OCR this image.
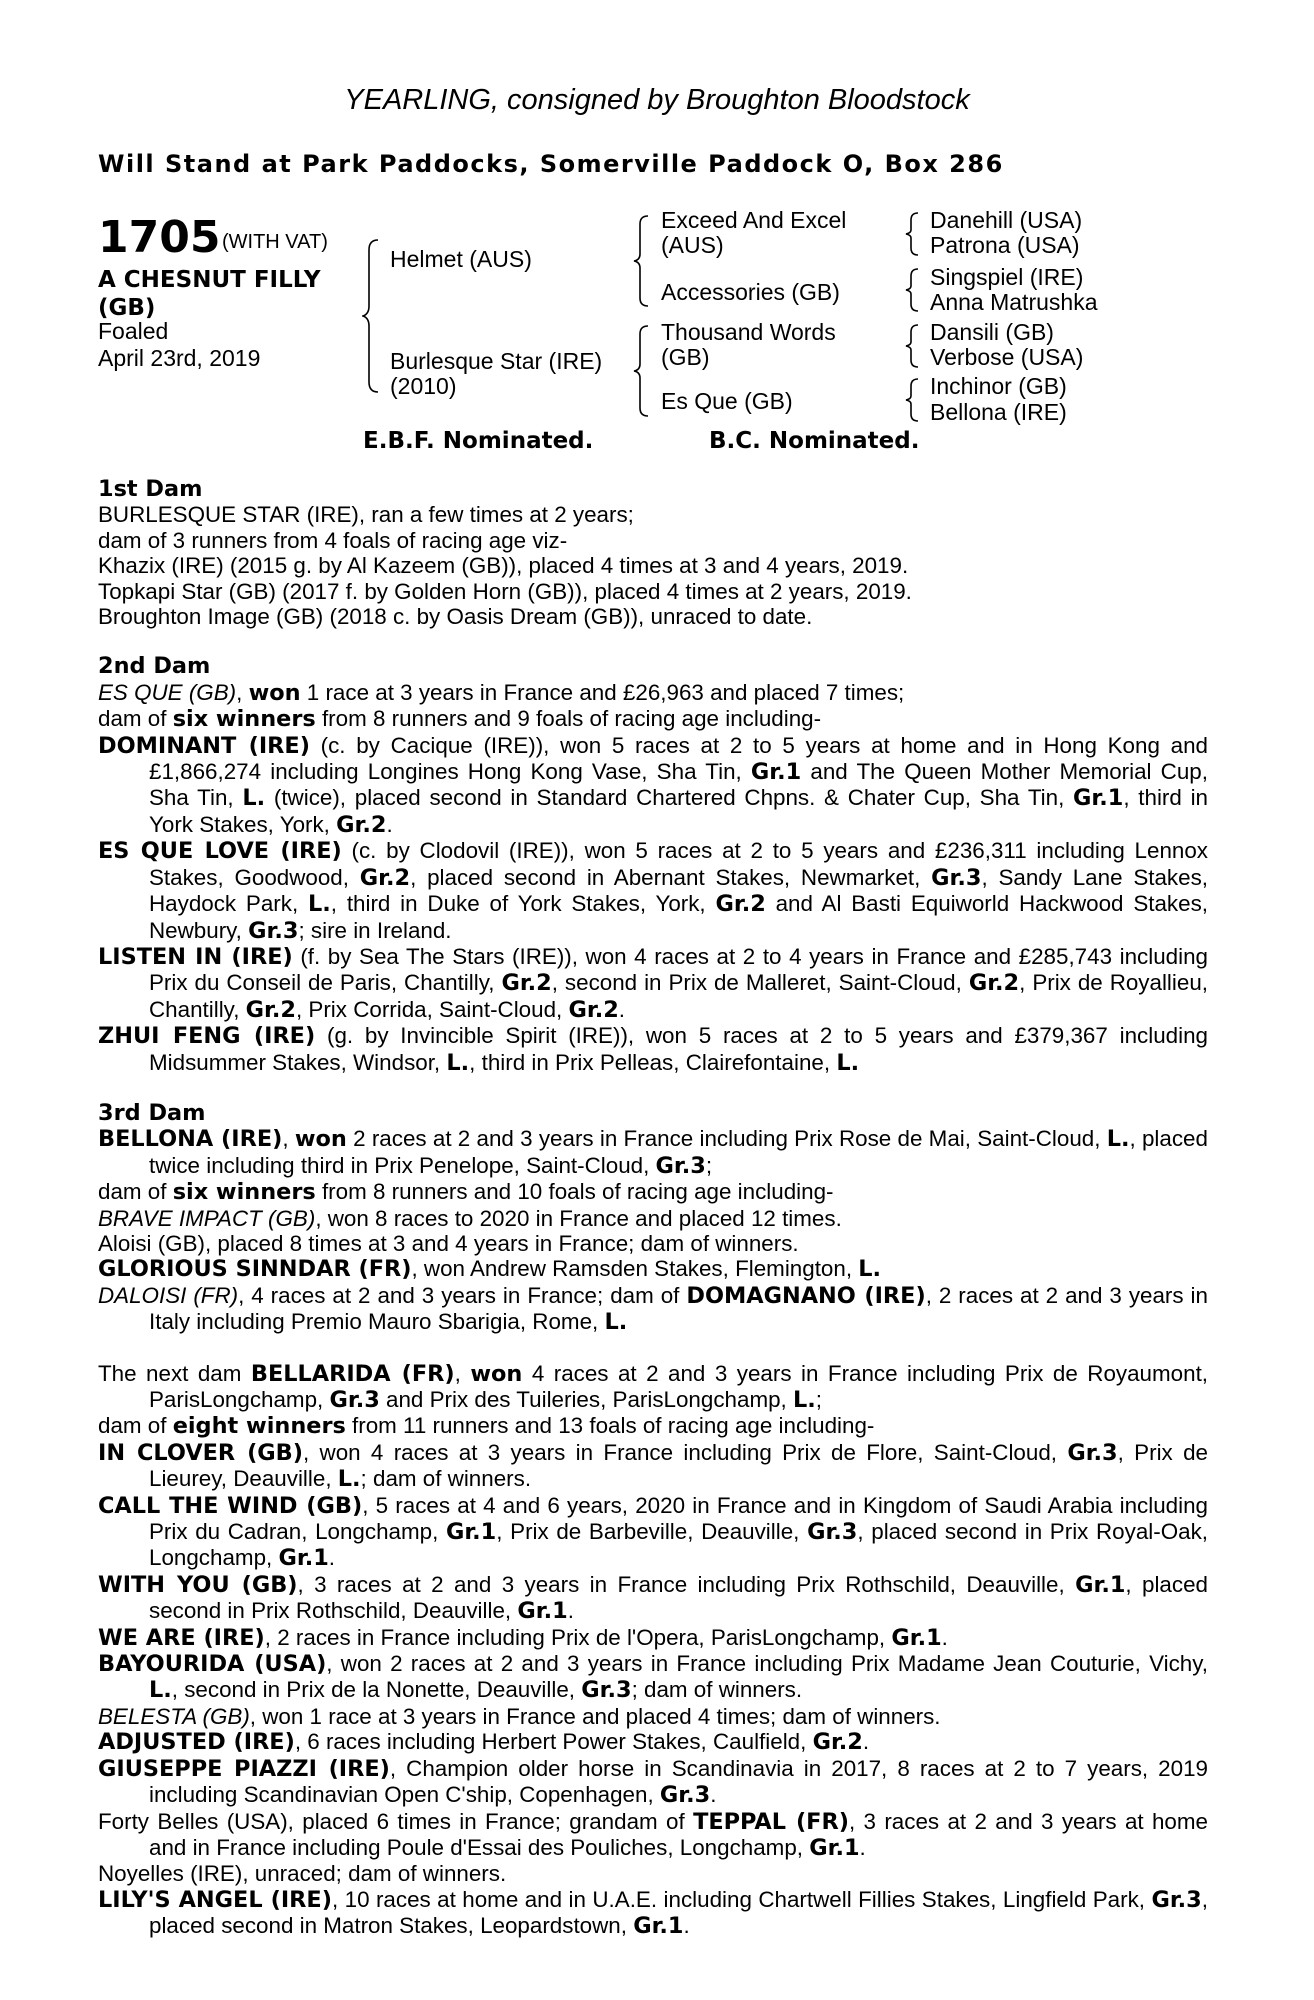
YEARLING, consigned by Broughton Bloodstock
Will Stand at Park Paddocks, Somerville Paddock O, Box 286
1705 (WITH VAT)
A CHESNUT FILLY
(GB)
Foaled
April 23rd, 2019
Helmet (AUS)
Burlesque Star (IRE)
(2010)
Exceed And Excel
(AUS)
Accessories (GB)
Thousand Words
(GB)
Es Que (GB)
Danehill (USA)
Patrona (USA)
Singspiel (IRE)
Anna Matrushka
Dansili (GB)
Verbose (USA)
Inchinor (GB)
Bellona (IRE)
E.B.F. Nominated.	B.C. Nominated.

1st Dam

BURLESQUE STAR (IRE), ran a few times at 2 years;

dam of 3 runners from 4 foals of racing age viz-

Khazix (IRE) (2015 g. by Al Kazeem (GB)), placed 4 times at 3 and 4 years, 2019.

Topkapi Star (GB) (2017 f. by Golden Horn (GB)), placed 4 times at 2 years, 2019.

Broughton Image (GB) (2018 c. by Oasis Dream (GB)), unraced to date.

2nd Dam

ES QUE (GB), won 1 race at 3 years in France and £26,963 and placed 7 times;

dam of six winners from 8 runners and 9 foals of racing age including-

DOMINANT (IRE) (c. by Cacique (IRE)), won 5 races at 2 to 5 years at home and in Hong Kong and £1,866,274 including Longines Hong Kong Vase, Sha Tin, Gr.1 and The Queen Mother Memorial Cup, Sha Tin, L. (twice), placed second in Standard Chartered Chpns. & Chater Cup, Sha Tin, Gr.1, third in York Stakes, York, Gr.2.

ES QUE LOVE (IRE) (c. by Clodovil (IRE)), won 5 races at 2 to 5 years and £236,311 including Lennox Stakes, Goodwood, Gr.2, placed second in Abernant Stakes, Newmarket, Gr.3, Sandy Lane Stakes, Haydock Park, L., third in Duke of York Stakes, York, Gr.2 and Al Basti Equiworld Hackwood Stakes, Newbury, Gr.3; sire in Ireland.

LISTEN IN (IRE) (f. by Sea The Stars (IRE)), won 4 races at 2 to 4 years in France and £285,743 including Prix du Conseil de Paris, Chantilly, Gr.2, second in Prix de Malleret, Saint-Cloud, Gr.2, Prix de Royallieu, Chantilly, Gr.2, Prix Corrida, Saint-Cloud, Gr.2.

ZHUI FENG (IRE) (g. by Invincible Spirit (IRE)), won 5 races at 2 to 5 years and £379,367 including Midsummer Stakes, Windsor, L., third in Prix Pelleas, Clairefontaine, L.

3rd Dam

BELLONA (IRE), won 2 races at 2 and 3 years in France including Prix Rose de Mai, Saint-Cloud, L., placed twice including third in Prix Penelope, Saint-Cloud, Gr.3;

dam of six winners from 8 runners and 10 foals of racing age including-

BRAVE IMPACT (GB), won 8 races to 2020 in France and placed 12 times.

Aloisi (GB), placed 8 times at 3 and 4 years in France; dam of winners.

GLORIOUS SINNDAR (FR), won Andrew Ramsden Stakes, Flemington, L.

DALOISI (FR), 4 races at 2 and 3 years in France; dam of DOMAGNANO (IRE), 2 races at 2 and 3 years in Italy including Premio Mauro Sbarigia, Rome, L.

The next dam BELLARIDA (FR), won 4 races at 2 and 3 years in France including Prix de Royaumont, ParisLongchamp, Gr.3 and Prix des Tuileries, ParisLongchamp, L.;

dam of eight winners from 11 runners and 13 foals of racing age including-

IN CLOVER (GB), won 4 races at 3 years in France including Prix de Flore, Saint-Cloud, Gr.3, Prix de Lieurey, Deauville, L.; dam of winners.

CALL THE WIND (GB), 5 races at 4 and 6 years, 2020 in France and in Kingdom of Saudi Arabia including Prix du Cadran, Longchamp, Gr.1, Prix de Barbeville, Deauville, Gr.3, placed second in Prix Royal-Oak, Longchamp, Gr.1.

WITH YOU (GB), 3 races at 2 and 3 years in France including Prix Rothschild, Deauville, Gr.1, placed second in Prix Rothschild, Deauville, Gr.1.

WE ARE (IRE), 2 races in France including Prix de l'Opera, ParisLongchamp, Gr.1.

BAYOURIDA (USA), won 2 races at 2 and 3 years in France including Prix Madame Jean Couturie, Vichy, L., second in Prix de la Nonette, Deauville, Gr.3; dam of winners.

BELESTA (GB), won 1 race at 3 years in France and placed 4 times; dam of winners.

ADJUSTED (IRE), 6 races including Herbert Power Stakes, Caulfield, Gr.2.

GIUSEPPE PIAZZI (IRE), Champion older horse in Scandinavia in 2017, 8 races at 2 to 7 years, 2019 including Scandinavian Open C'ship, Copenhagen, Gr.3.

Forty Belles (USA), placed 6 times in France; grandam of TEPPAL (FR), 3 races at 2 and 3 years at home and in France including Poule d'Essai des Pouliches, Longchamp, Gr.1.

Noyelles (IRE), unraced; dam of winners.

LILY'S ANGEL (IRE), 10 races at home and in U.A.E. including Chartwell Fillies Stakes, Lingfield Park, Gr.3, placed second in Matron Stakes, Leopardstown, Gr.1.
